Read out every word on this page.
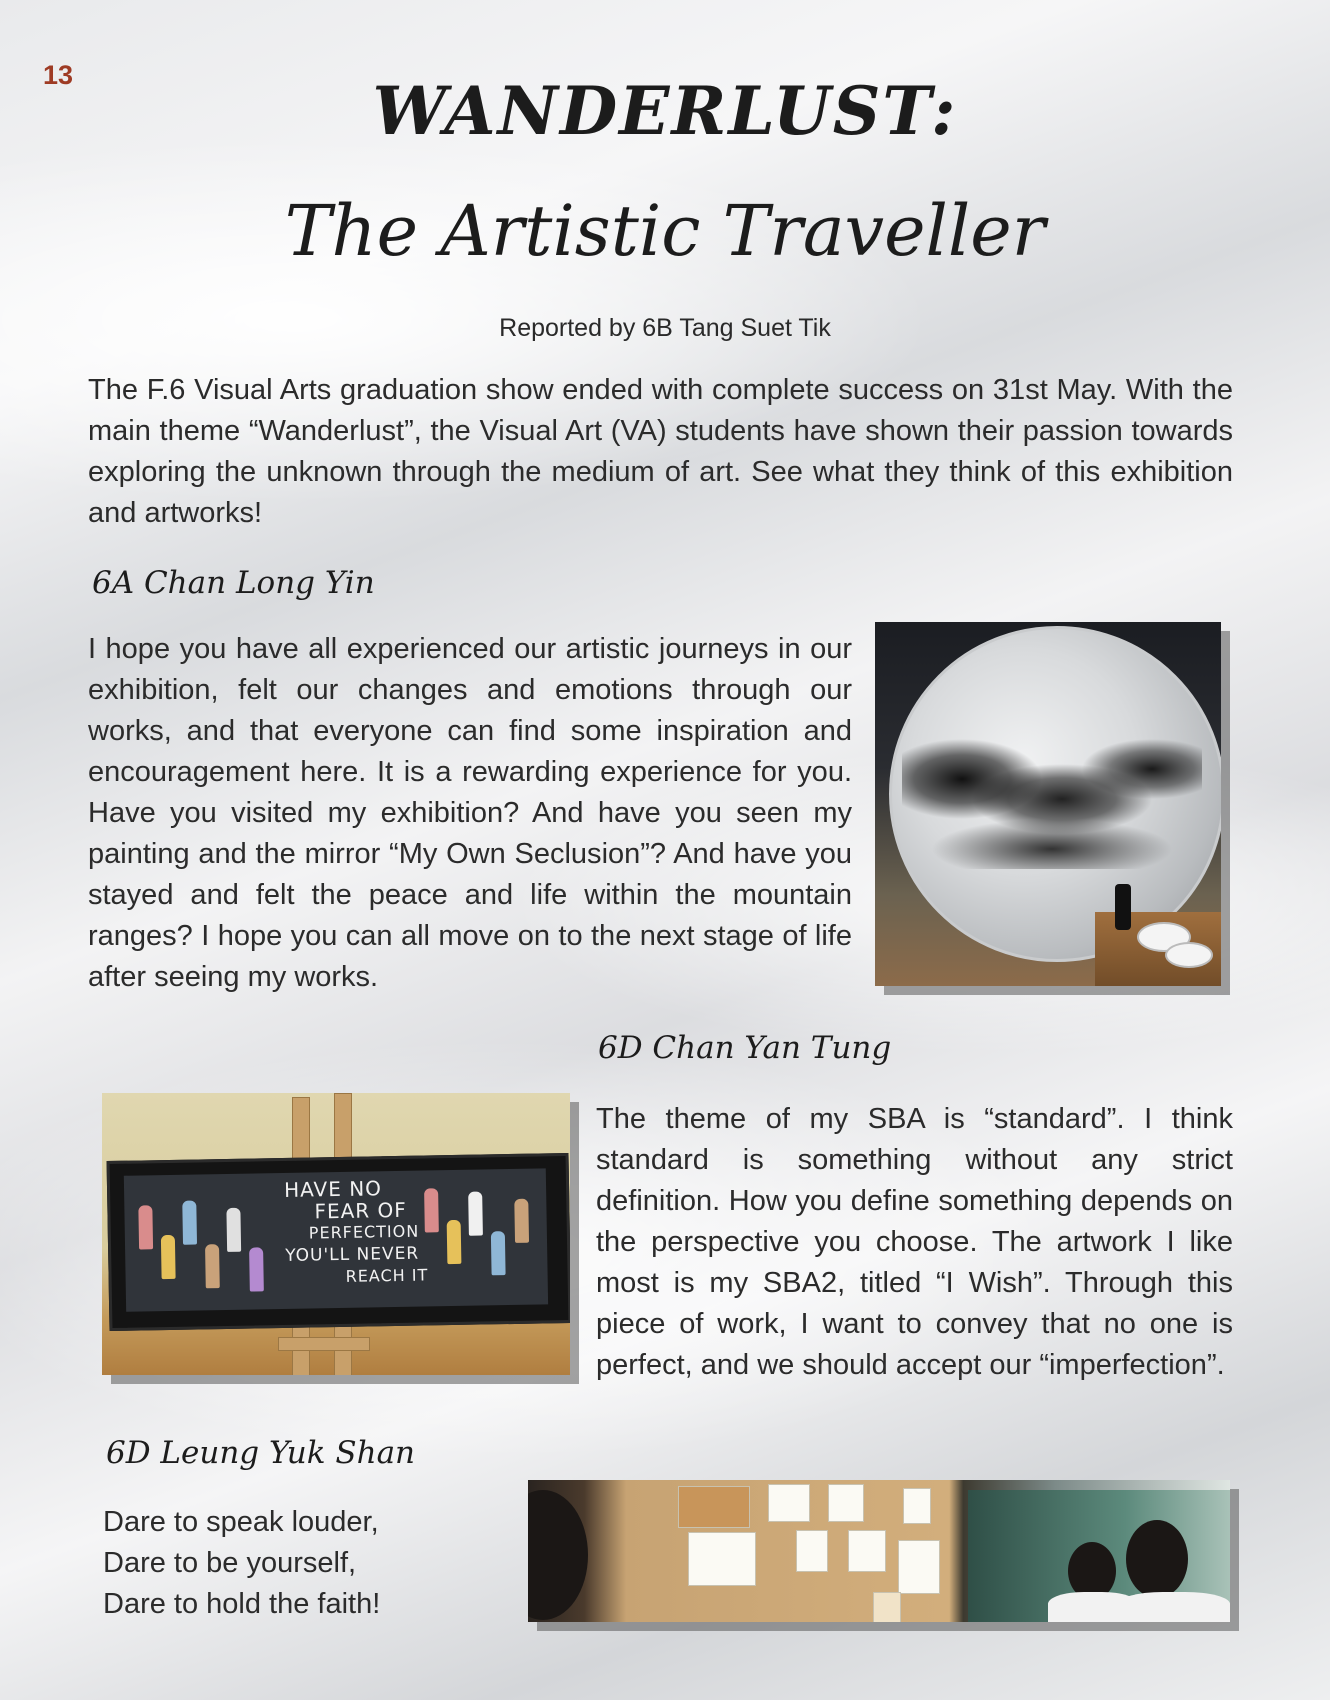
13	WANDERLUST:
The Artistic Traveller
Reported by 6B Tang Suet Tik
The F.6 Visual Arts graduation show ended with complete success on 31st May. With the main theme “Wanderlust”, the Visual Art (VA) students have shown their passion towards exploring the unknown through the medium of art. See what they think of this exhibition and artworks!
6A Chan Long Yin
I hope you have all experienced our artistic journeys in our exhibition, felt our changes and emotions through our works, and that everyone can find some inspiration and encouragement here. It is a rewarding experience for you. Have you visited my exhibition? And have you seen my painting and the mirror “My Own Seclusion”? And have you stayed and felt the peace and life within the mountain ranges? I hope you can all move on to the next stage of life after seeing my works.
6D Chan Yan Tung
The theme of my SBA is “standard”. I think standard is something without any strict definition. How you define something depends on the perspective you choose. The artwork I like most is my SBA2, titled “I Wish”. Through this piece of work, I want to convey that no one is perfect, and we should accept our “imperfection”.
HAVE NO
FEAR OF
PERFECTION
YOU'LL NEVER
REACH IT
6D Leung Yuk Shan
Dare to speak louder,
Dare to be yourself,
Dare to hold the faith!
